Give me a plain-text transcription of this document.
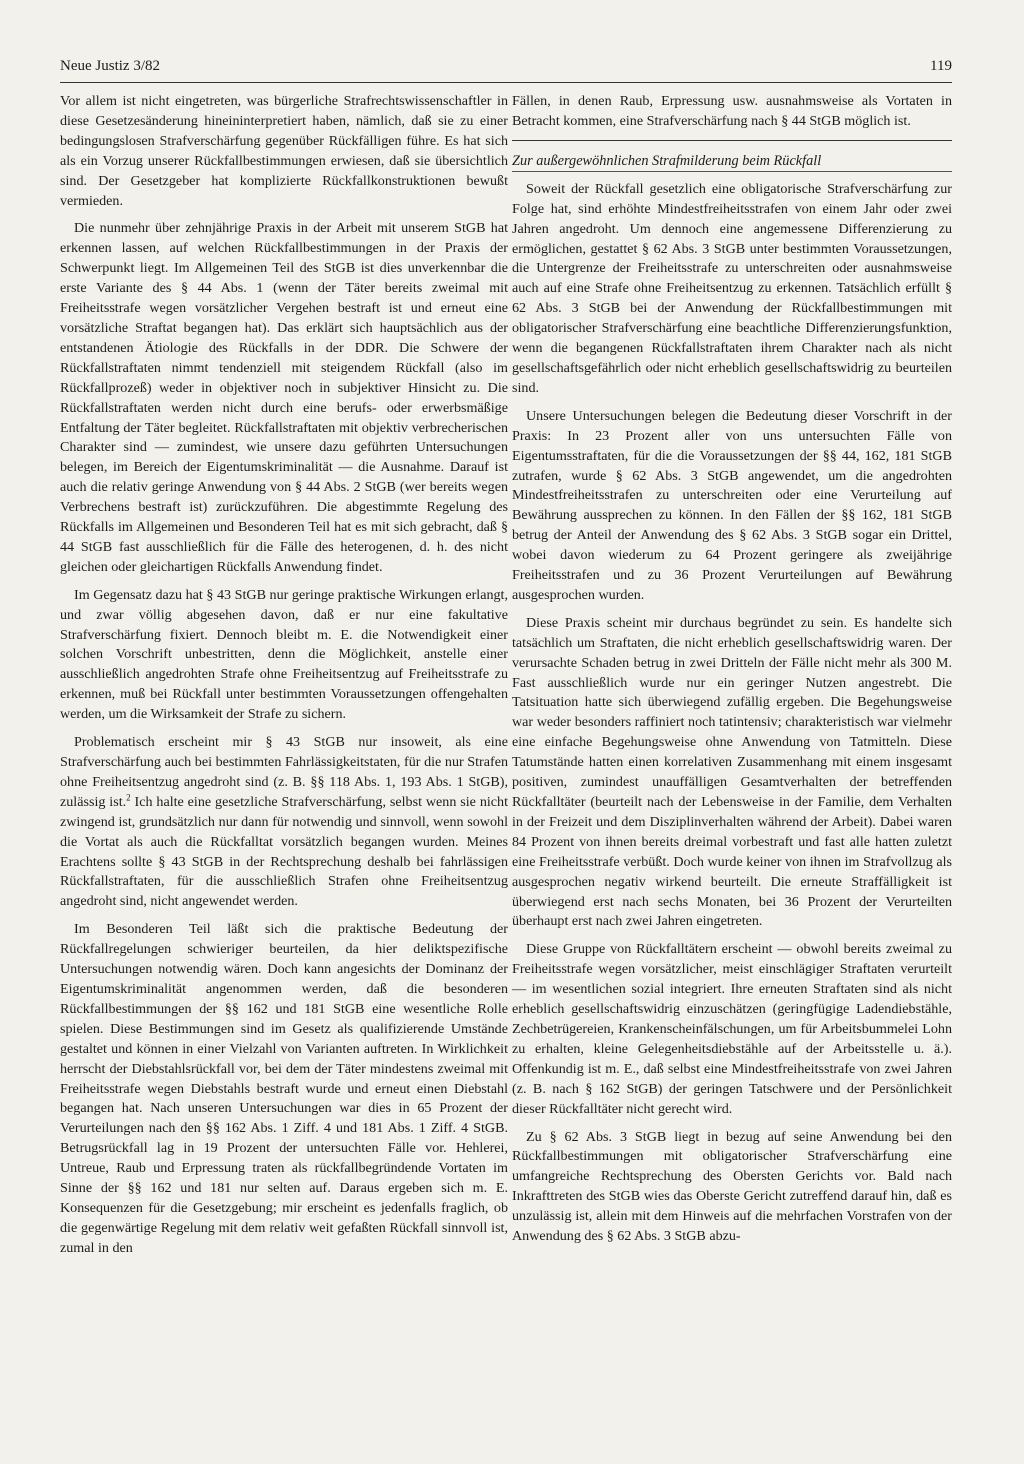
Neue Justiz 3/82	119

Vor allem ist nicht eingetreten, was bürgerliche Strafrechtswissenschaftler in diese Gesetzesänderung hineininterpretiert haben, nämlich, daß sie zu einer bedingungslosen Strafverschärfung gegenüber Rückfälligen führe. Es hat sich als ein Vorzug unserer Rückfallbestimmungen erwiesen, daß sie übersichtlich sind. Der Gesetzgeber hat komplizierte Rückfallkonstruktionen bewußt vermieden.

Die nunmehr über zehnjährige Praxis in der Arbeit mit unserem StGB hat erkennen lassen, auf welchen Rückfallbestimmungen in der Praxis der Schwerpunkt liegt. Im Allgemeinen Teil des StGB ist dies unverkennbar die erste Variante des § 44 Abs. 1 (wenn der Täter bereits zweimal mit Freiheitsstrafe wegen vorsätzlicher Vergehen bestraft ist und erneut eine vorsätzliche Straftat begangen hat). Das erklärt sich hauptsächlich aus der entstandenen Ätiologie des Rückfalls in der DDR. Die Schwere der Rückfallstraftaten nimmt tendenziell mit steigendem Rückfall (also im Rückfallprozeß) weder in objektiver noch in subjektiver Hinsicht zu. Die Rückfallstraftaten werden nicht durch eine berufs- oder erwerbsmäßige Entfaltung der Täter begleitet. Rückfallstraftaten mit objektiv verbrecherischen Charakter sind — zumindest, wie unsere dazu geführten Untersuchungen belegen, im Bereich der Eigentumskriminalität — die Ausnahme. Darauf ist auch die relativ geringe Anwendung von § 44 Abs. 2 StGB (wer bereits wegen Verbrechens bestraft ist) zurückzuführen. Die abgestimmte Regelung des Rückfalls im Allgemeinen und Besonderen Teil hat es mit sich gebracht, daß § 44 StGB fast ausschließlich für die Fälle des heterogenen, d. h. des nicht gleichen oder gleichartigen Rückfalls Anwendung findet.

Im Gegensatz dazu hat § 43 StGB nur geringe praktische Wirkungen erlangt, und zwar völlig abgesehen davon, daß er nur eine fakultative Strafverschärfung fixiert. Dennoch bleibt m. E. die Notwendigkeit einer solchen Vorschrift unbestritten, denn die Möglichkeit, anstelle einer ausschließlich angedrohten Strafe ohne Freiheitsentzug auf Freiheitsstrafe zu erkennen, muß bei Rückfall unter bestimmten Voraussetzungen offengehalten werden, um die Wirksamkeit der Strafe zu sichern.

Problematisch erscheint mir § 43 StGB nur insoweit, als eine Strafverschärfung auch bei bestimmten Fahrlässigkeitstaten, für die nur Strafen ohne Freiheitsentzug angedroht sind (z. B. §§ 118 Abs. 1, 193 Abs. 1 StGB), zulässig ist.$^2$ Ich halte eine gesetzliche Strafverschärfung, selbst wenn sie nicht zwingend ist, grundsätzlich nur dann für notwendig und sinnvoll, wenn sowohl die Vortat als auch die Rückfalltat vorsätzlich begangen wurden. Meines Erachtens sollte § 43 StGB in der Rechtsprechung deshalb bei fahrlässigen Rückfallstraftaten, für die ausschließlich Strafen ohne Freiheitsentzug angedroht sind, nicht angewendet werden.

Im Besonderen Teil läßt sich die praktische Bedeutung der Rückfallregelungen schwieriger beurteilen, da hier deliktspezifische Untersuchungen notwendig wären. Doch kann angesichts der Dominanz der Eigentumskriminalität angenommen werden, daß die besonderen Rückfallbestimmungen der §§ 162 und 181 StGB eine wesentliche Rolle spielen. Diese Bestimmungen sind im Gesetz als qualifizierende Umstände gestaltet und können in einer Vielzahl von Varianten auftreten. In Wirklichkeit herrscht der Diebstahlsrückfall vor, bei dem der Täter mindestens zweimal mit Freiheitsstrafe wegen Diebstahls bestraft wurde und erneut einen Diebstahl begangen hat. Nach unseren Untersuchungen war dies in 65 Prozent der Verurteilungen nach den §§ 162 Abs. 1 Ziff. 4 und 181 Abs. 1 Ziff. 4 StGB. Betrugsrückfall lag in 19 Prozent der untersuchten Fälle vor. Hehlerei, Untreue, Raub und Erpressung traten als rückfallbegründende Vortaten im Sinne der §§ 162 und 181 nur selten auf. Daraus ergeben sich m. E. Konsequenzen für die Gesetzgebung; mir erscheint es jedenfalls fraglich, ob die gegenwärtige Regelung mit dem relativ weit gefaßten Rückfall sinnvoll ist, zumal in den

Fällen, in denen Raub, Erpressung usw. ausnahmsweise als Vortaten in Betracht kommen, eine Strafverschärfung nach § 44 StGB möglich ist.

Zur außergewöhnlichen Strafmilderung beim Rückfall

Soweit der Rückfall gesetzlich eine obligatorische Strafverschärfung zur Folge hat, sind erhöhte Mindestfreiheitsstrafen von einem Jahr oder zwei Jahren angedroht. Um dennoch eine angemessene Differenzierung zu ermöglichen, gestattet § 62 Abs. 3 StGB unter bestimmten Voraussetzungen, die Untergrenze der Freiheitsstrafe zu unterschreiten oder ausnahmsweise auch auf eine Strafe ohne Freiheitsentzug zu erkennen. Tatsächlich erfüllt § 62 Abs. 3 StGB bei der Anwendung der Rückfallbestimmungen mit obligatorischer Strafverschärfung eine beachtliche Differenzierungsfunktion, wenn die begangenen Rückfallstraftaten ihrem Charakter nach als nicht gesellschaftsgefährlich oder nicht erheblich gesellschaftswidrig zu beurteilen sind.

Unsere Untersuchungen belegen die Bedeutung dieser Vorschrift in der Praxis: In 23 Prozent aller von uns untersuchten Fälle von Eigentumsstraftaten, für die die Voraussetzungen der §§ 44, 162, 181 StGB zutrafen, wurde § 62 Abs. 3 StGB angewendet, um die angedrohten Mindestfreiheitsstrafen zu unterschreiten oder eine Verurteilung auf Bewährung aussprechen zu können. In den Fällen der §§ 162, 181 StGB betrug der Anteil der Anwendung des § 62 Abs. 3 StGB sogar ein Drittel, wobei davon wiederum zu 64 Prozent geringere als zweijährige Freiheitsstrafen und zu 36 Prozent Verurteilungen auf Bewährung ausgesprochen wurden.

Diese Praxis scheint mir durchaus begründet zu sein. Es handelte sich tatsächlich um Straftaten, die nicht erheblich gesellschaftswidrig waren. Der verursachte Schaden betrug in zwei Dritteln der Fälle nicht mehr als 300 M. Fast ausschließlich wurde nur ein geringer Nutzen angestrebt. Die Tatsituation hatte sich überwiegend zufällig ergeben. Die Begehungsweise war weder besonders raffiniert noch tatintensiv; charakteristisch war vielmehr eine einfache Begehungsweise ohne Anwendung von Tatmitteln. Diese Tatumstände hatten einen korrelativen Zusammenhang mit einem insgesamt positiven, zumindest unauffälligen Gesamtverhalten der betreffenden Rückfalltäter (beurteilt nach der Lebensweise in der Familie, dem Verhalten in der Freizeit und dem Disziplinverhalten während der Arbeit). Dabei waren 84 Prozent von ihnen bereits dreimal vorbestraft und fast alle hatten zuletzt eine Freiheitsstrafe verbüßt. Doch wurde keiner von ihnen im Strafvollzug als ausgesprochen negativ wirkend beurteilt. Die erneute Straffälligkeit ist überwiegend erst nach sechs Monaten, bei 36 Prozent der Verurteilten überhaupt erst nach zwei Jahren eingetreten.

Diese Gruppe von Rückfalltätern erscheint — obwohl bereits zweimal zu Freiheitsstrafe wegen vorsätzlicher, meist einschlägiger Straftaten verurteilt — im wesentlichen sozial integriert. Ihre erneuten Straftaten sind als nicht erheblich gesellschaftswidrig einzuschätzen (geringfügige Ladendiebstähle, Zechbetrügereien, Krankenscheinfälschungen, um für Arbeitsbummelei Lohn zu erhalten, kleine Gelegenheitsdiebstähle auf der Arbeitsstelle u. ä.). Offenkundig ist m. E., daß selbst eine Mindestfreiheitsstrafe von zwei Jahren (z. B. nach § 162 StGB) der geringen Tatschwere und der Persönlichkeit dieser Rückfalltäter nicht gerecht wird.

Zu § 62 Abs. 3 StGB liegt in bezug auf seine Anwendung bei den Rückfallbestimmungen mit obligatorischer Strafverschärfung eine umfangreiche Rechtsprechung des Obersten Gerichts vor. Bald nach Inkrafttreten des StGB wies das Oberste Gericht zutreffend darauf hin, daß es unzulässig ist, allein mit dem Hinweis auf die mehrfachen Vorstrafen von der Anwendung des § 62 Abs. 3 StGB abzu-
